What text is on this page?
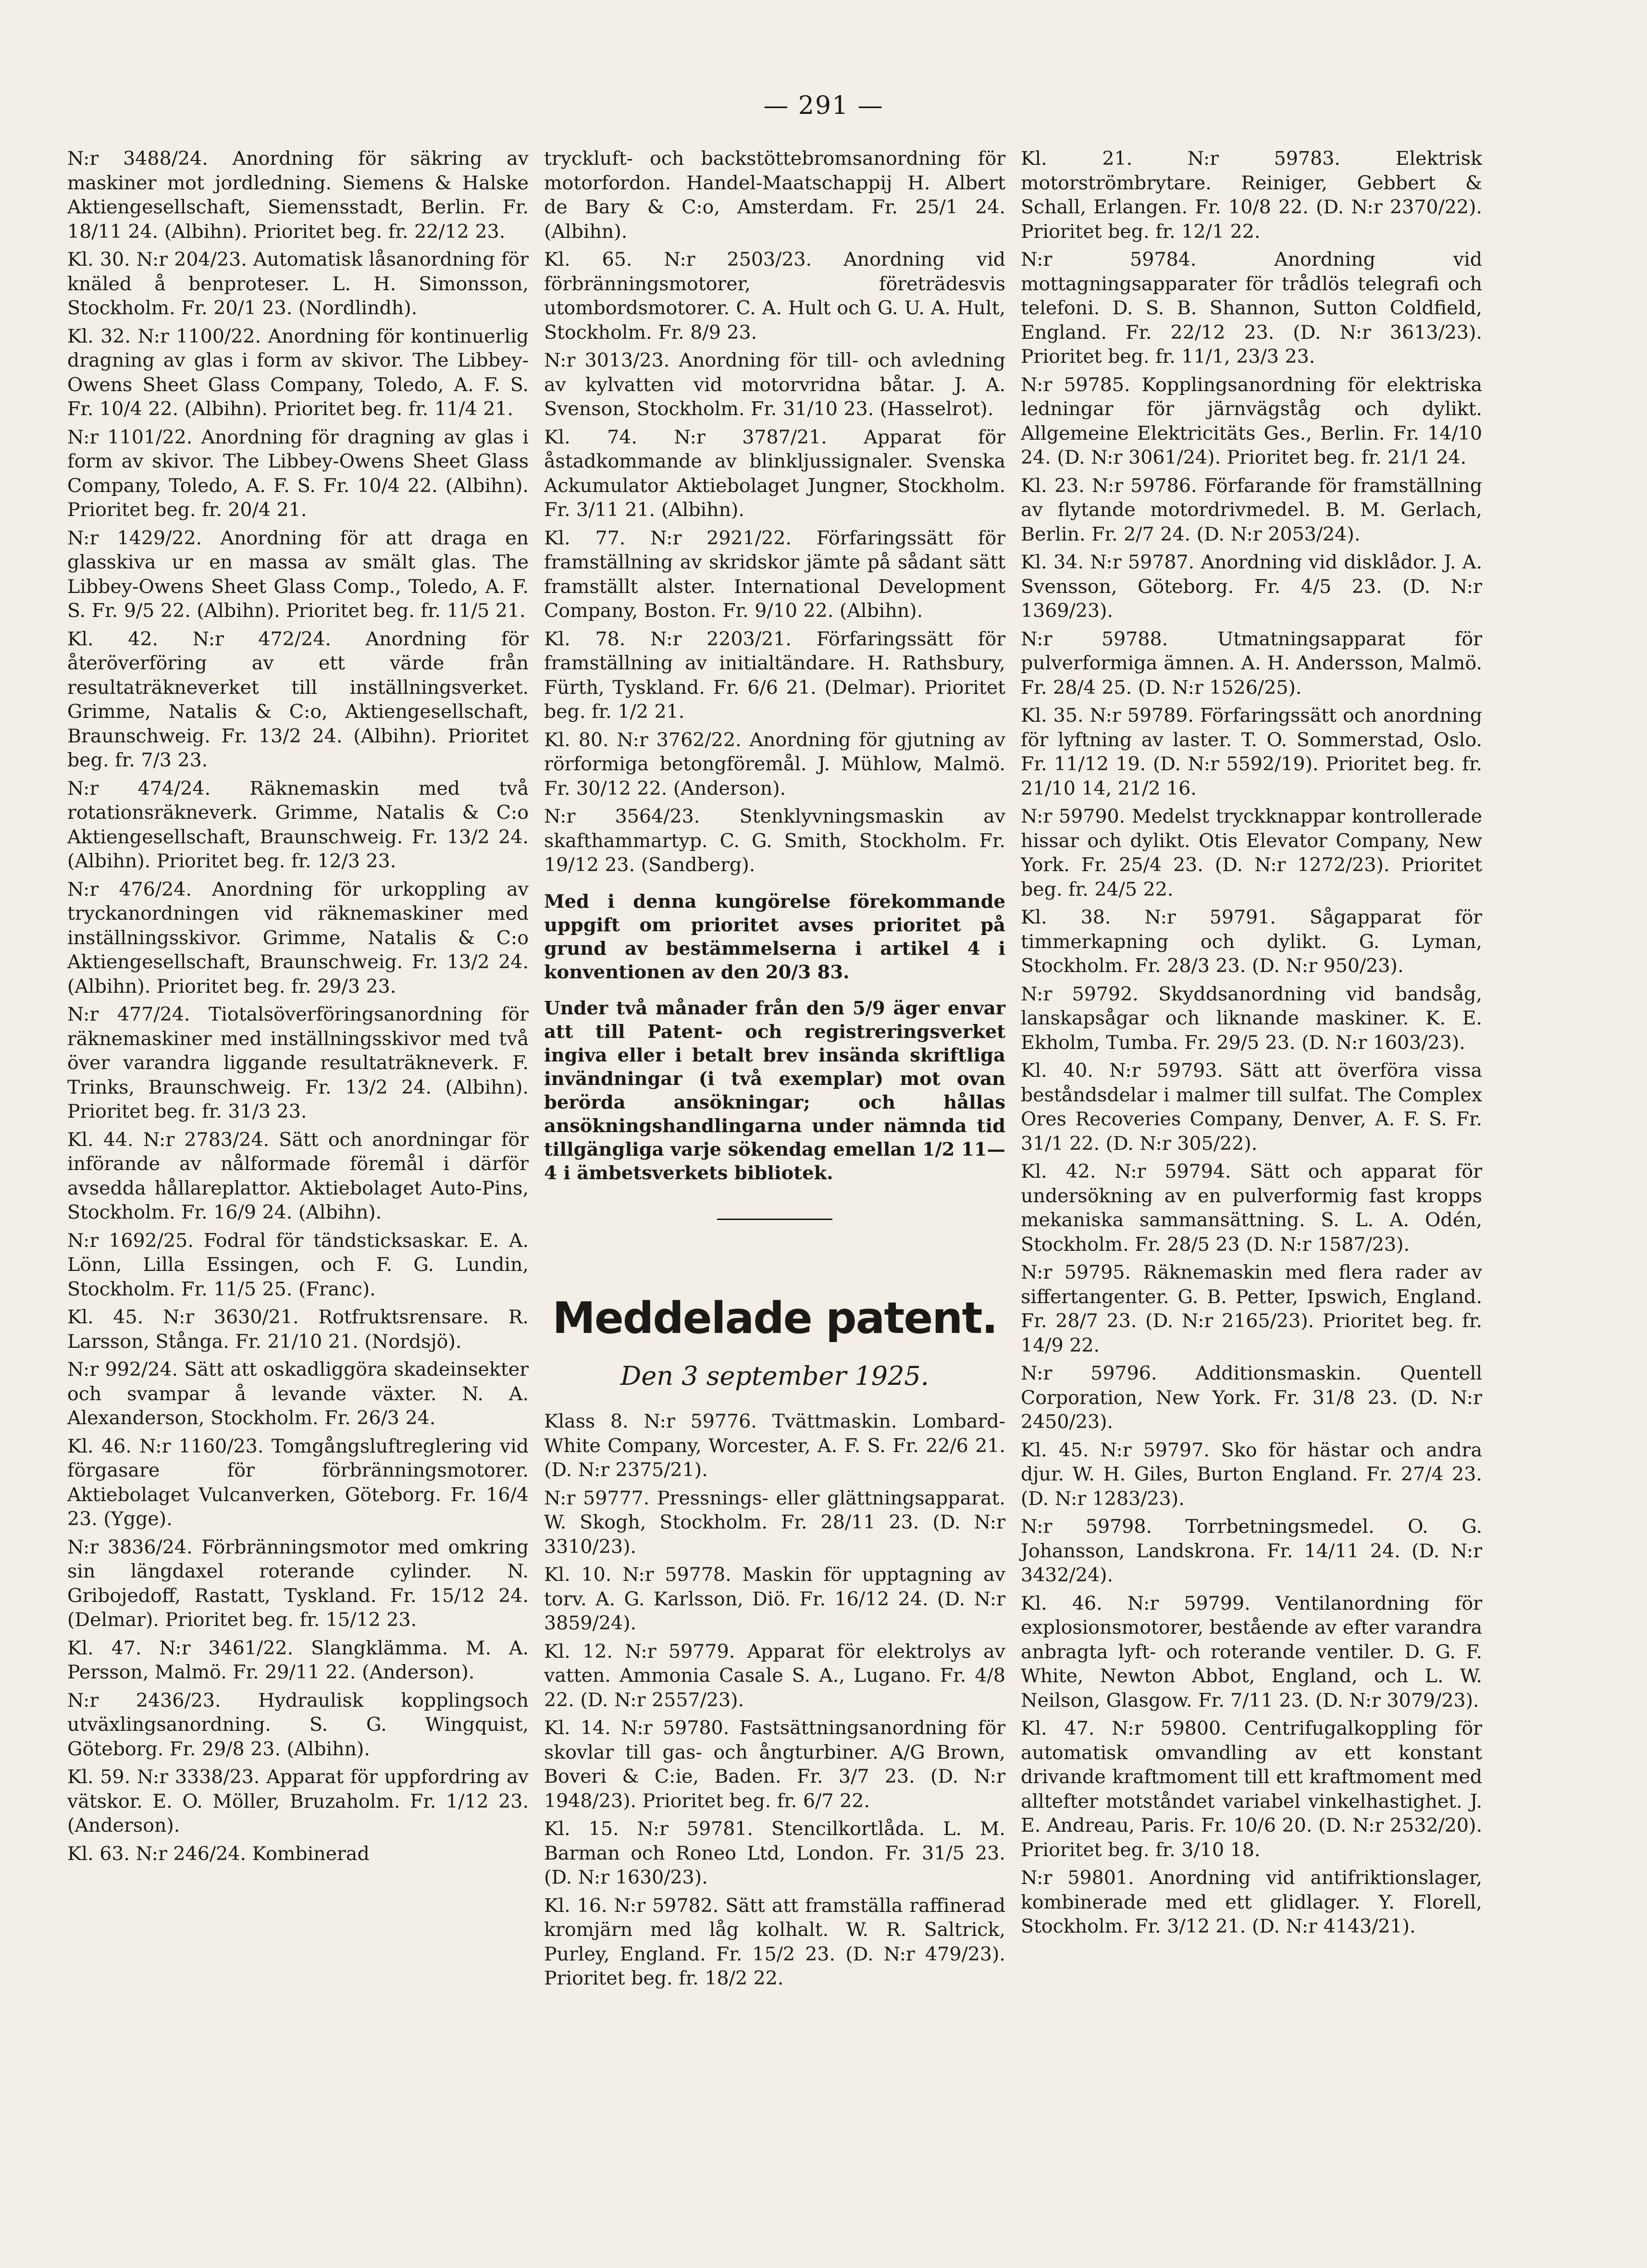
— 291 —

N:r 3488/24. Anordning för säkring av maskiner mot jordledning. Siemens & Halske Aktiengesellschaft, Siemensstadt, Berlin. Fr. 18/11 24. (Albihn). Prioritet beg. fr. 22/12 23.

Kl. 30. N:r 204/23. Automatisk låsanordning för knäled å benproteser. L. H. Simonsson, Stockholm. Fr. 20/1 23. (Nordlindh).

Kl. 32. N:r 1100/22. Anordning för kontinuerlig dragning av glas i form av skivor. The Libbey-Owens Sheet Glass Company, Toledo, A. F. S. Fr. 10/4 22. (Albihn). Prioritet beg. fr. 11/4 21.

N:r 1101/22. Anordning för dragning av glas i form av skivor. The Libbey-Owens Sheet Glass Company, Toledo, A. F. S. Fr. 10/4 22. (Albihn). Prioritet beg. fr. 20/4 21.

N:r 1429/22. Anordning för att draga en glasskiva ur en massa av smält glas. The Libbey-Owens Sheet Glass Comp., Toledo, A. F. S. Fr. 9/5 22. (Albihn). Prioritet beg. fr. 11/5 21.

Kl. 42. N:r 472/24. Anordning för återöverföring av ett värde från resultaträkneverket till inställningsverket. Grimme, Natalis & C:o, Aktiengesellschaft, Braunschweig. Fr. 13/2 24. (Albihn). Prioritet beg. fr. 7/3 23.

N:r 474/24. Räknemaskin med två rotationsräkneverk. Grimme, Natalis & C:o Aktiengesellschaft, Braunschweig. Fr. 13/2 24. (Albihn). Prioritet beg. fr. 12/3 23.

N:r 476/24. Anordning för urkoppling av tryckanordningen vid räknemaskiner med inställningsskivor. Grimme, Natalis & C:o Aktiengesellschaft, Braunschweig. Fr. 13/2 24. (Albihn). Prioritet beg. fr. 29/3 23.

N:r 477/24. Tiotalsöverföringsanordning för räknemaskiner med inställningsskivor med två över varandra liggande resultaträkneverk. F. Trinks, Braunschweig. Fr. 13/2 24. (Albihn). Prioritet beg. fr. 31/3 23.

Kl. 44. N:r 2783/24. Sätt och anordningar för införande av nålformade föremål i därför avsedda hållareplattor. Aktiebolaget Auto-Pins, Stockholm. Fr. 16/9 24. (Albihn).

N:r 1692/25. Fodral för tändsticksaskar. E. A. Lönn, Lilla Essingen, och F. G. Lundin, Stockholm. Fr. 11/5 25. (Franc).

Kl. 45. N:r 3630/21. Rotfruktsrensare. R. Larsson, Stånga. Fr. 21/10 21. (Nordsjö).

N:r 992/24. Sätt att oskadliggöra skadeinsekter och svampar å levande växter. N. A. Alexanderson, Stockholm. Fr. 26/3 24.

Kl. 46. N:r 1160/23. Tomgångsluftreglering vid förgasare för förbränningsmotorer. Aktiebolaget Vulcanverken, Göteborg. Fr. 16/4 23. (Ygge).

N:r 3836/24. Förbränningsmotor med omkring sin längdaxel roterande cylinder. N. Gribojedoff, Rastatt, Tyskland. Fr. 15/12 24. (Delmar). Prioritet beg. fr. 15/12 23.

Kl. 47. N:r 3461/22. Slangklämma. M. A. Persson, Malmö. Fr. 29/11 22. (Anderson).

N:r 2436/23. Hydraulisk kopplingsoch utväxlingsanordning. S. G. Wingquist, Göteborg. Fr. 29/8 23. (Albihn).

Kl. 59. N:r 3338/23. Apparat för uppfordring av vätskor. E. O. Möller, Bruzaholm. Fr. 1/12 23. (Anderson).

Kl. 63. N:r 246/24. Kombinerad

tryckluft- och backstöttebromsanordning för motorfordon. Handel-Maatschappij H. Albert de Bary & C:o, Amsterdam. Fr. 25/1 24. (Albihn).

Kl. 65. N:r 2503/23. Anordning vid förbränningsmotorer, företrädesvis utombordsmotorer. C. A. Hult och G. U. A. Hult, Stockholm. Fr. 8/9 23.

N:r 3013/23. Anordning för till- och avledning av kylvatten vid motorvridna båtar. J. A. Svenson, Stockholm. Fr. 31/10 23. (Hasselrot).

Kl. 74. N:r 3787/21. Apparat för åstadkommande av blinkljussignaler. Svenska Ackumulator Aktiebolaget Jungner, Stockholm. Fr. 3/11 21. (Albihn).

Kl. 77. N:r 2921/22. Förfaringssätt för framställning av skridskor jämte på sådant sätt framställt alster. International Development Company, Boston. Fr. 9/10 22. (Albihn).

Kl. 78. N:r 2203/21. Förfaringssätt för framställning av initialtändare. H. Rathsbury, Fürth, Tyskland. Fr. 6/6 21. (Delmar). Prioritet beg. fr. 1/2 21.

Kl. 80. N:r 3762/22. Anordning för gjutning av rörformiga betongföremål. J. Mühlow, Malmö. Fr. 30/12 22. (Anderson).

N:r 3564/23. Stenklyvningsmaskin av skafthammartyp. C. G. Smith, Stockholm. Fr. 19/12 23. (Sandberg).

Med i denna kungörelse förekommande uppgift om prioritet avses prioritet på grund av bestämmelserna i artikel 4 i konventionen av den 20/3 83.

Under två månader från den 5/9 äger envar att till Patent- och registreringsverket ingiva eller i betalt brev insända skriftliga invändningar (i två exemplar) mot ovan berörda ansökningar; och hållas ansökningshandlingarna under nämnda tid tillgängliga varje sökendag emellan 1/2 11—4 i ämbetsverkets bibliotek.

Meddelade patent.
Den 3 september 1925.

Klass 8. N:r 59776. Tvättmaskin. Lombard-White Company, Worcester, A. F. S. Fr. 22/6 21. (D. N:r 2375/21).

N:r 59777. Pressnings- eller glättningsapparat. W. Skogh, Stockholm. Fr. 28/11 23. (D. N:r 3310/23).

Kl. 10. N:r 59778. Maskin för upptagning av torv. A. G. Karlsson, Diö. Fr. 16/12 24. (D. N:r 3859/24).

Kl. 12. N:r 59779. Apparat för elektrolys av vatten. Ammonia Casale S. A., Lugano. Fr. 4/8 22. (D. N:r 2557/23).

Kl. 14. N:r 59780. Fastsättningsanordning för skovlar till gas- och ångturbiner. A/G Brown, Boveri & C:ie, Baden. Fr. 3/7 23. (D. N:r 1948/23). Prioritet beg. fr. 6/7 22.

Kl. 15. N:r 59781. Stencilkortlåda. L. M. Barman och Roneo Ltd, London. Fr. 31/5 23. (D. N:r 1630/23).

Kl. 16. N:r 59782. Sätt att framställa raffinerad kromjärn med låg kolhalt. W. R. Saltrick, Purley, England. Fr. 15/2 23. (D. N:r 479/23). Prioritet beg. fr. 18/2 22.

Kl. 21. N:r 59783. Elektrisk motorströmbrytare. Reiniger, Gebbert & Schall, Erlangen. Fr. 10/8 22. (D. N:r 2370/22). Prioritet beg. fr. 12/1 22.

N:r 59784. Anordning vid mottagningsapparater för trådlös telegrafi och telefoni. D. S. B. Shannon, Sutton Coldfield, England. Fr. 22/12 23. (D. N:r 3613/23). Prioritet beg. fr. 11/1, 23/3 23.

N:r 59785. Kopplingsanordning för elektriska ledningar för järnvägståg och dylikt. Allgemeine Elektricitäts Ges., Berlin. Fr. 14/10 24. (D. N:r 3061/24). Prioritet beg. fr. 21/1 24.

Kl. 23. N:r 59786. Förfarande för framställning av flytande motordrivmedel. B. M. Gerlach, Berlin. Fr. 2/7 24. (D. N:r 2053/24).

Kl. 34. N:r 59787. Anordning vid disklådor. J. A. Svensson, Göteborg. Fr. 4/5 23. (D. N:r 1369/23).

N:r 59788. Utmatningsapparat för pulverformiga ämnen. A. H. Andersson, Malmö. Fr. 28/4 25. (D. N:r 1526/25).

Kl. 35. N:r 59789. Förfaringssätt och anordning för lyftning av laster. T. O. Sommerstad, Oslo. Fr. 11/12 19. (D. N:r 5592/19). Prioritet beg. fr. 21/10 14, 21/2 16.

N:r 59790. Medelst tryckknappar kontrollerade hissar och dylikt. Otis Elevator Company, New York. Fr. 25/4 23. (D. N:r 1272/23). Prioritet beg. fr. 24/5 22.

Kl. 38. N:r 59791. Sågapparat för timmerkapning och dylikt. G. Lyman, Stockholm. Fr. 28/3 23. (D. N:r 950/23).

N:r 59792. Skyddsanordning vid bandsåg, lanskapsågar och liknande maskiner. K. E. Ekholm, Tumba. Fr. 29/5 23. (D. N:r 1603/23).

Kl. 40. N:r 59793. Sätt att överföra vissa beståndsdelar i malmer till sulfat. The Complex Ores Recoveries Company, Denver, A. F. S. Fr. 31/1 22. (D. N:r 305/22).

Kl. 42. N:r 59794. Sätt och apparat för undersökning av en pulverformig fast kropps mekaniska sammansättning. S. L. A. Odén, Stockholm. Fr. 28/5 23 (D. N:r 1587/23).

N:r 59795. Räknemaskin med flera rader av siffertangenter. G. B. Petter, Ipswich, England. Fr. 28/7 23. (D. N:r 2165/23). Prioritet beg. fr. 14/9 22.

N:r 59796. Additionsmaskin. Quentell Corporation, New York. Fr. 31/8 23. (D. N:r 2450/23).

Kl. 45. N:r 59797. Sko för hästar och andra djur. W. H. Giles, Burton England. Fr. 27/4 23. (D. N:r 1283/23).

N:r 59798. Torrbetningsmedel. O. G. Johansson, Landskrona. Fr. 14/11 24. (D. N:r 3432/24).

Kl. 46. N:r 59799. Ventilanordning för explosionsmotorer, bestående av efter varandra anbragta lyft- och roterande ventiler. D. G. F. White, Newton Abbot, England, och L. W. Neilson, Glasgow. Fr. 7/11 23. (D. N:r 3079/23).

Kl. 47. N:r 59800. Centrifugalkoppling för automatisk omvandling av ett konstant drivande kraftmoment till ett kraftmoment med alltefter motståndet variabel vinkelhastighet. J. E. Andreau, Paris. Fr. 10/6 20. (D. N:r 2532/20). Prioritet beg. fr. 3/10 18.

N:r 59801. Anordning vid antifriktionslager, kombinerade med ett glidlager. Y. Florell, Stockholm. Fr. 3/12 21. (D. N:r 4143/21).
